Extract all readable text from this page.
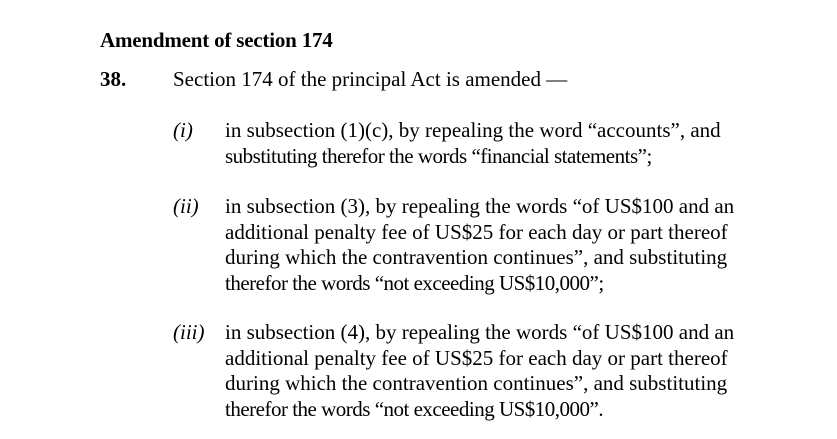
Amendment of section 174
38. Section 174 of the principal Act is amended —
(i) in subsection (1)(c), by repealing the word “accounts”, and
substituting therefor the words “financial statements”;
(ii) in subsection (3), by repealing the words “of US$100 and an
additional penalty fee of US$25 for each day or part thereof
during which the contravention continues”, and substituting
therefor the words “not exceeding US$10,000”;
(iii) in subsection (4), by repealing the words “of US$100 and an
additional penalty fee of US$25 for each day or part thereof
during which the contravention continues”, and substituting
therefor the words “not exceeding US$10,000”.
